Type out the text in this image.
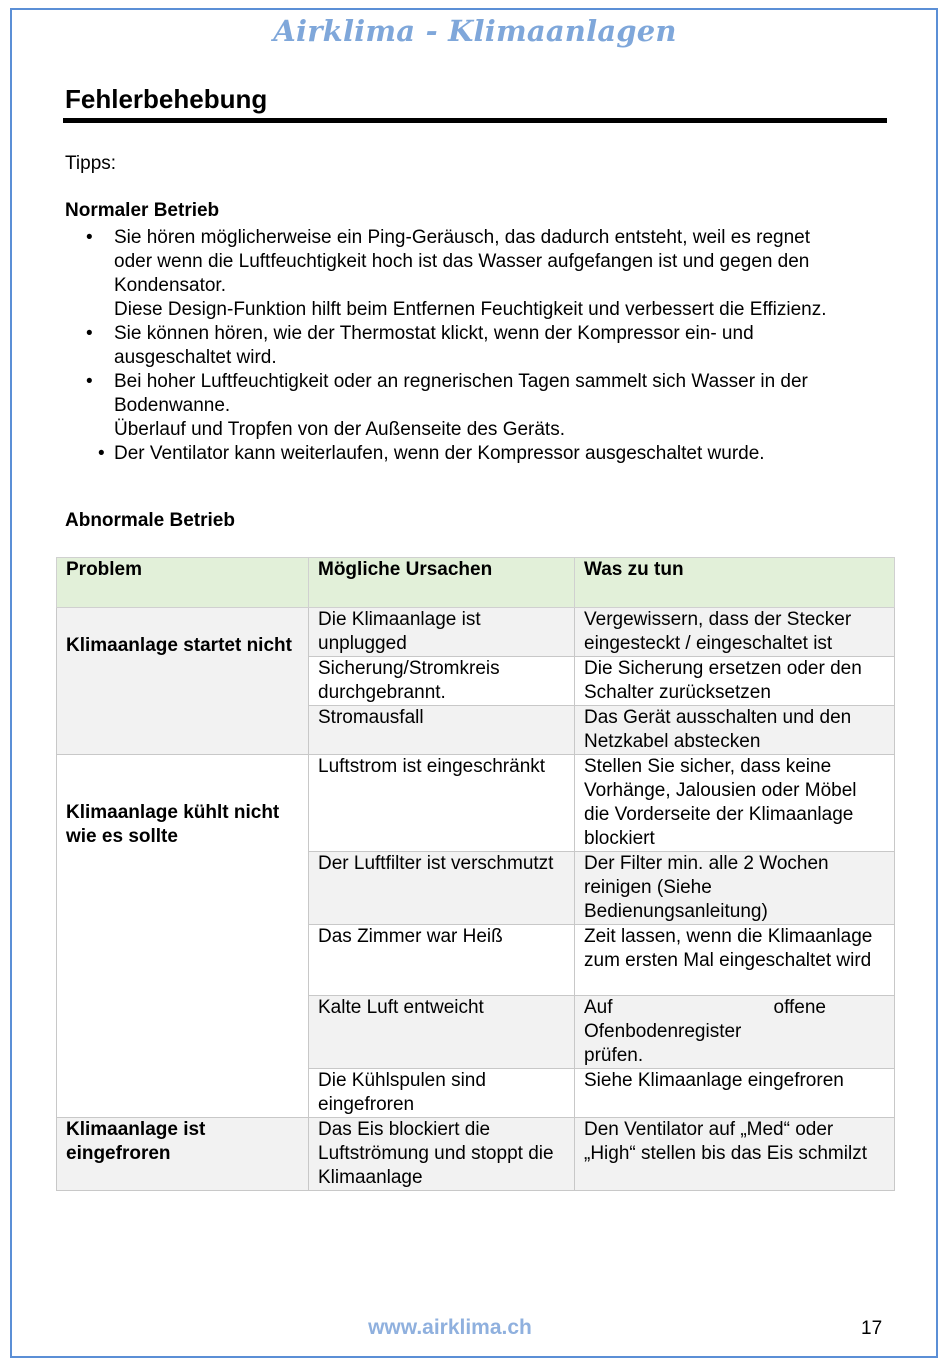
Airklima - Klimaanlagen
Fehlerbehebung
Tipps:
Normaler Betrieb
• Sie hören möglicherweise ein Ping-Geräusch, das dadurch entsteht, weil es regnet
oder wenn die Luftfeuchtigkeit hoch ist das Wasser aufgefangen ist und gegen den
Kondensator.
Diese Design-Funktion hilft beim Entfernen Feuchtigkeit und verbessert die Effizienz.
• Sie können hören, wie der Thermostat klickt, wenn der Kompressor ein- und
ausgeschaltet wird.
• Bei hoher Luftfeuchtigkeit oder an regnerischen Tagen sammelt sich Wasser in der
Bodenwanne.
Überlauf und Tropfen von der Außenseite des Geräts.
• Der Ventilator kann weiterlaufen, wenn der Kompressor ausgeschaltet wurde.
Abnormale Betrieb
Problem	Mögliche Ursachen	Was zu tun

Klimaanlage startet nicht	Die Klimaanlage ist unplugged	Vergewissern, dass der Stecker eingesteckt / eingeschaltet ist
	Sicherung/Stromkreis durchgebrannt.	Die Sicherung ersetzen oder den Schalter zurücksetzen
	Stromausfall	Das Gerät ausschalten und den Netzkabel abstecken

Klimaanlage kühlt nicht wie es sollte	Luftstrom ist eingeschränkt	Stellen Sie sicher, dass keine Vorhänge, Jalousien oder Möbel die Vorderseite der Klimaanlage blockiert
	Der Luftfilter ist verschmutzt	Der Filter min. alle 2 Wochen reinigen (Siehe Bedienungsanleitung)
	Das Zimmer war Heiß	Zeit lassen, wenn die Klimaanlage zum ersten Mal eingeschaltet wird
	Kalte Luft entweicht	Auf offene
Ofenbodenregister prüfen.

	Die Kühlspulen sind eingefroren	Siehe Klimaanlage eingefroren
Klimaanlage ist eingefroren	Das Eis blockiert die Luftströmung und stoppt die Klimaanlage	Den Ventilator auf „Med“ oder „High“ stellen bis das Eis schmilzt
www.airklima.ch	17
